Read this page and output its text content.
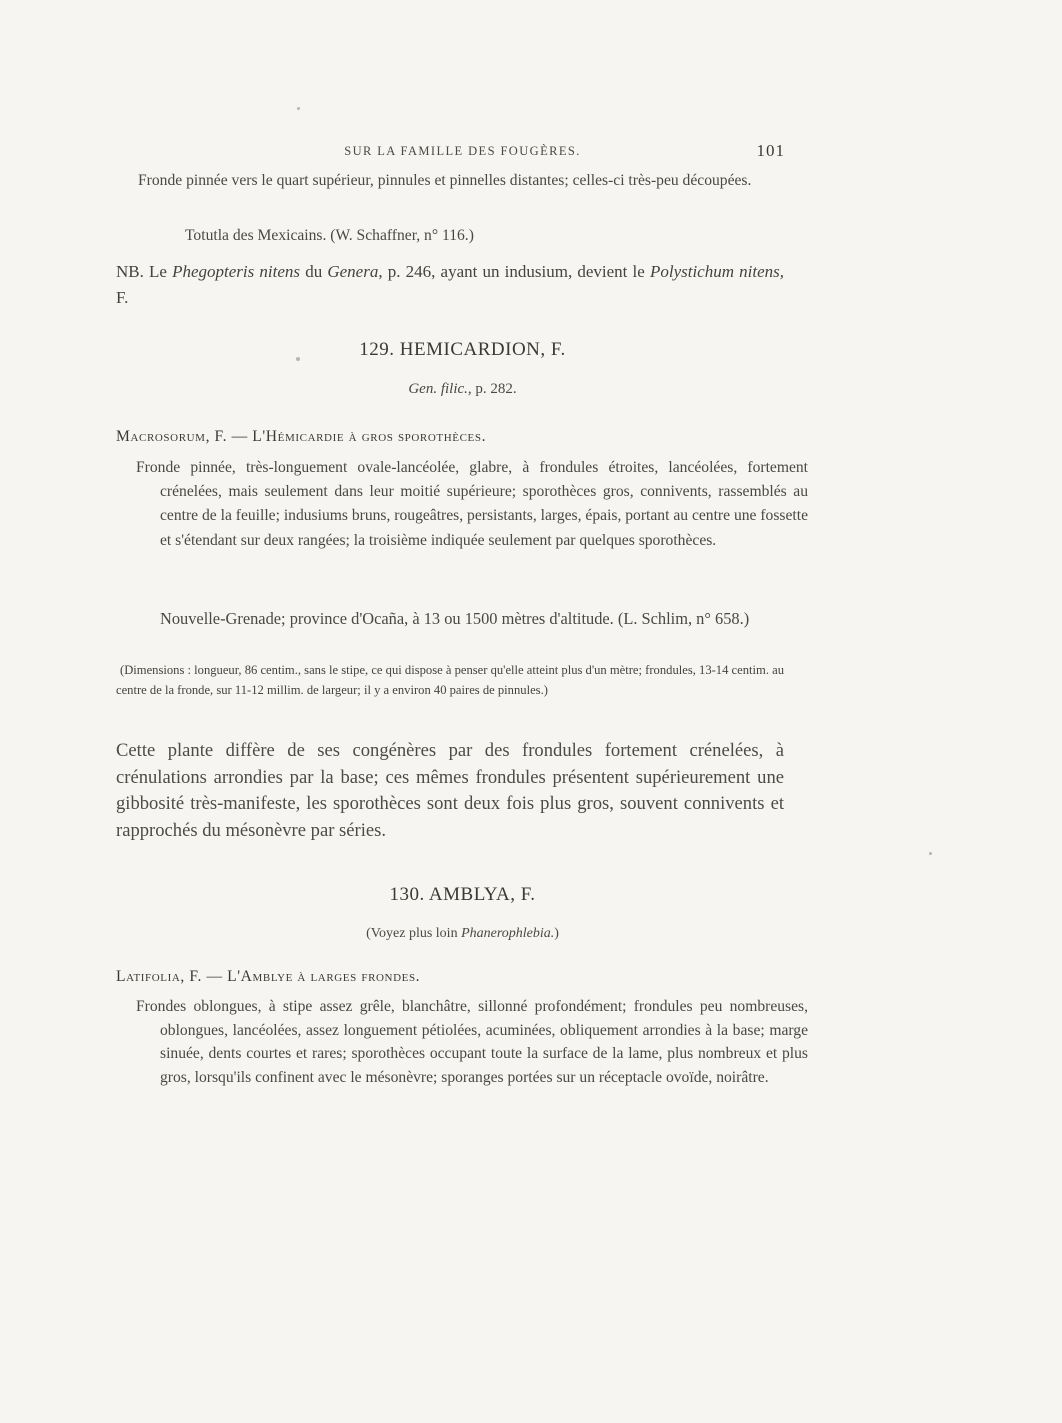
SUR LA FAMILLE DES FOUGÈRES.	101

Fronde pinnée vers le quart supérieur, pinnules et pinnelles distantes; celles-ci très-peu découpées.

Totutla des Mexicains. (W. Schaffner, n° 116.)

NB. Le Phegopteris nitens du Genera, p. 246, ayant un indusium, devient le Polystichum nitens, F.

129. HEMICARDION, F.
Gen. filic., p. 282.

Macrosorum, F. — L'Hémicardie à gros sporothèces.

Fronde pinnée, très-longuement ovale-lancéolée, glabre, à frondules étroites, lancéolées, fortement crénelées, mais seulement dans leur moitié supérieure; sporothèces gros, connivents, rassemblés au centre de la feuille; indusiums bruns, rougeâtres, persistants, larges, épais, portant au centre une fossette et s'étendant sur deux rangées; la troisième indiquée seulement par quelques sporothèces.

Nouvelle-Grenade; province d'Ocaña, à 13 ou 1500 mètres d'altitude. (L. Schlim, n° 658.)

(Dimensions : longueur, 86 centim., sans le stipe, ce qui dispose à penser qu'elle atteint plus d'un mètre; frondules, 13-14 centim. au centre de la fronde, sur 11-12 millim. de largeur; il y a environ 40 paires de pinnules.)

Cette plante diffère de ses congénères par des frondules fortement crénelées, à crénulations arrondies par la base; ces mêmes frondules présentent supérieurement une gibbosité très-manifeste, les sporothèces sont deux fois plus gros, souvent connivents et rapprochés du mésonèvre par séries.

130. AMBLYA, F.
(Voyez plus loin Phanerophlebia.)

Latifolia, F. — L'Amblye à larges frondes.

Frondes oblongues, à stipe assez grêle, blanchâtre, sillonné profondément; frondules peu nombreuses, oblongues, lancéolées, assez longuement pétiolées, acuminées, obliquement arrondies à la base; marge sinuée, dents courtes et rares; sporothèces occupant toute la surface de la lame, plus nombreux et plus gros, lorsqu'ils confinent avec le mésonèvre; sporanges portées sur un réceptacle ovoïde, noirâtre.
